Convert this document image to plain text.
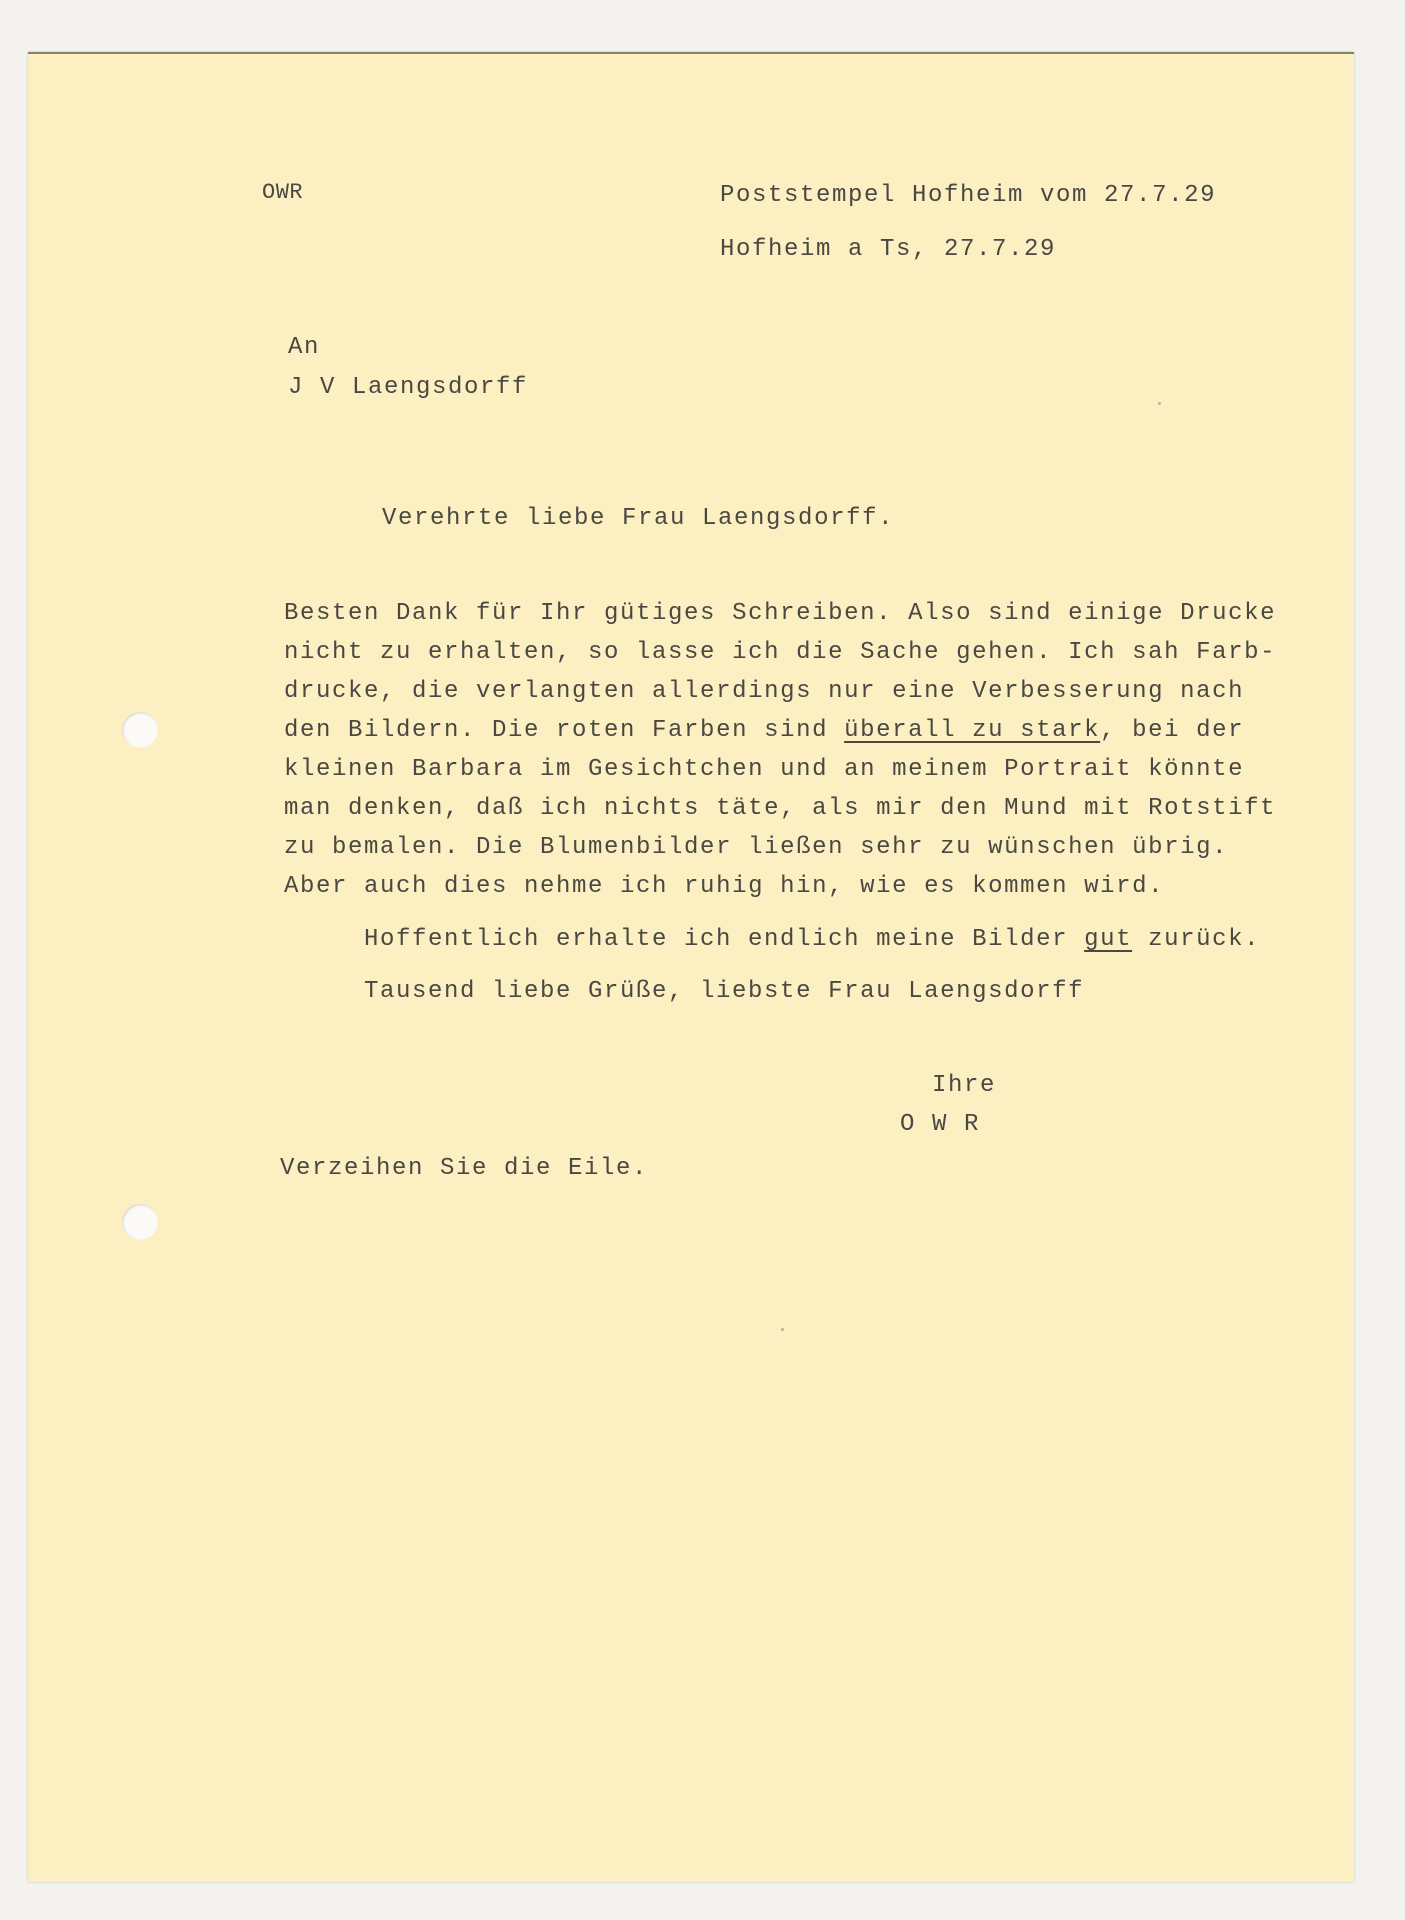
OWR	Poststempel Hofheim vom 27.7.29
Hofheim a Ts, 27.7.29
An
J V Laengsdorff
Verehrte liebe Frau Laengsdorff.
Besten Dank für Ihr gütiges Schreiben. Also sind einige Drucke
nicht zu erhalten, so lasse ich die Sache gehen. Ich sah Farb-
drucke, die verlangten allerdings nur eine Verbesserung nach
den Bildern. Die roten Farben sind überall zu stark, bei der
kleinen Barbara im Gesichtchen und an meinem Portrait könnte
man denken, daß ich nichts täte, als mir den Mund mit Rotstift
zu bemalen. Die Blumenbilder ließen sehr zu wünschen übrig.
Aber auch dies nehme ich ruhig hin, wie es kommen wird.
Hoffentlich erhalte ich endlich meine Bilder gut zurück.
Tausend liebe Grüße, liebste Frau Laengsdorff
Ihre
O W R
Verzeihen Sie die Eile.
